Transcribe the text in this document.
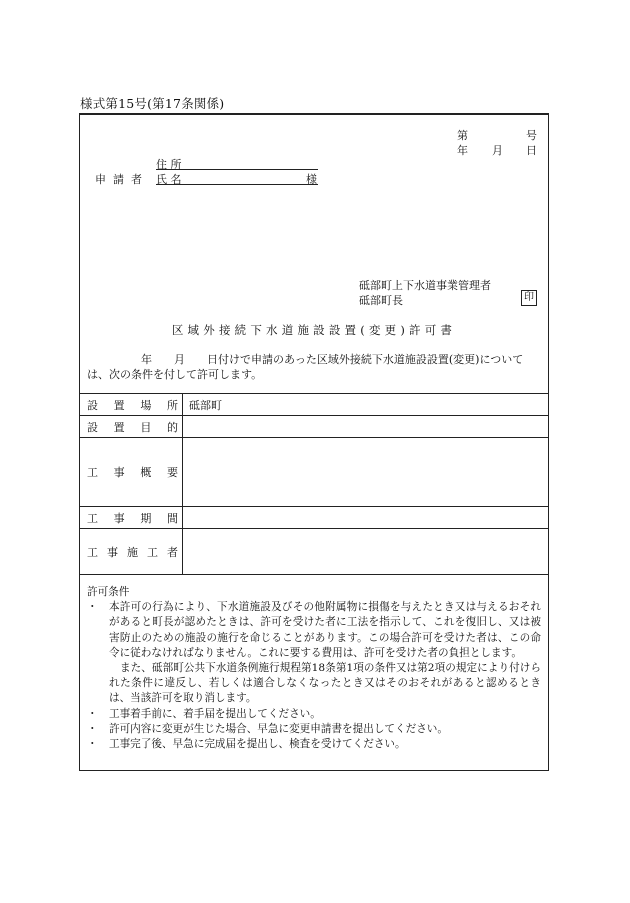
様式第15号(第17条関係)
第	号
年 月 日
申 請 者
住 所
氏 名	様
砥部町上下水道事業管理者
砥部町長	印
区域外接続下水道施設設置(変更)許可書
年　　月　　日付けで申請のあった区域外接続下水道施設設置(変更)については、次の条件を付して許可します。
設 置 場 所 砥部町
設 置 目 的
工 事 概 要
工 事 期 間
工 事 施 工 者
許可条件
・	本許可の行為により、下水道施設及びその他附属物に損傷を与えたとき又は与えるおそれがあると町長が認めたときは、許可を受けた者に工法を指示して、これを復旧し、又は被害防止のための施設の施行を命じることがあります。この場合許可を受けた者は、この命令に従わなければなりません。これに要する費用は、許可を受けた者の負担とします。
また、砥部町公共下水道条例施行規程第18条第1項の条件又は第2項の規定により付けられた条件に違反し、若しくは適合しなくなったとき又はそのおそれがあると認めるときは、当該許可を取り消します。
・	工事着手前に、着手届を提出してください。
・	許可内容に変更が生じた場合、早急に変更申請書を提出してください。
・	工事完了後、早急に完成届を提出し、検査を受けてください。
